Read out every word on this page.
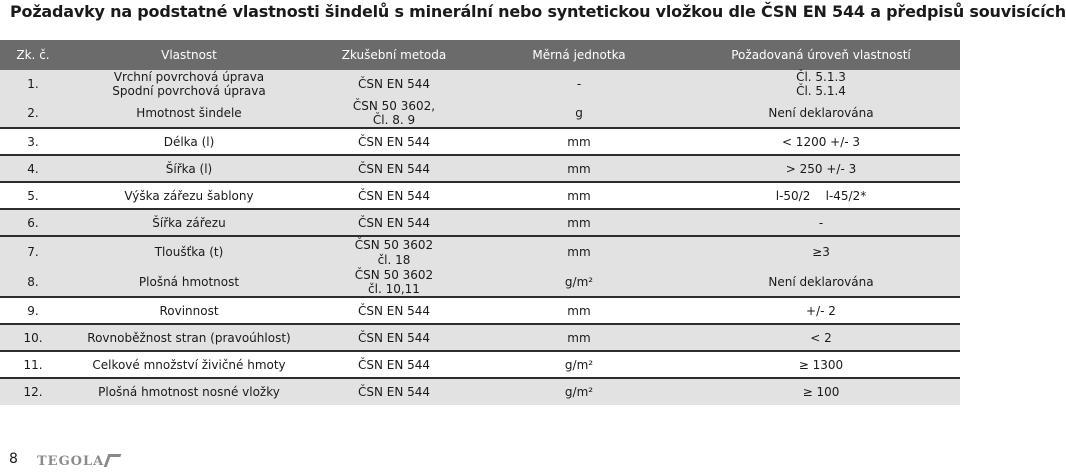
Požadavky na podstatné vlastnosti šindelů s minerální nebo syntetickou vložkou dle ČSN EN 544 a předpisů souvisících
Zk. č.	Vlastnost	Zkušební metoda	Měrná jednotka	Požadovaná úroveň vlastností
1.	Vrchní povrchová úprava	ČSN EN 544	-	Čl. 5.1.3
	Spodní povrchová úprava			Čl. 5.1.4
2.	Hmotnost šindele	ČSN 50 3602,	g	Není deklarována
		Čl. 8. 9		

3.	Délka (l)	ČSN EN 544	mm	< 1200 +/- 3

4.	Šířka (l)	ČSN EN 544	mm	> 250 +/- 3

5.	Výška zářezu šablony	ČSN EN 544	mm	l-50/2    l-45/2*

6.	Šířka zářezu	ČSN EN 544	mm	-

7.	Tloušťka (t)	ČSN 50 3602	mm	≥3
		čl. 18		
8.	Plošná hmotnost	ČSN 50 3602	g/m²	Není deklarována
		čl. 10,11		

9.	Rovinnost	ČSN EN 544	mm	+/- 2

10.	Rovnoběžnost stran (pravoúhlost)	ČSN EN 544	mm	< 2

11.	Celkové množství živičné hmoty	ČSN EN 544	g/m²	≥ 1300

12.	Plošná hmotnost nosné vložky	ČSN EN 544	g/m²	≥ 100
8 TEGOLA
